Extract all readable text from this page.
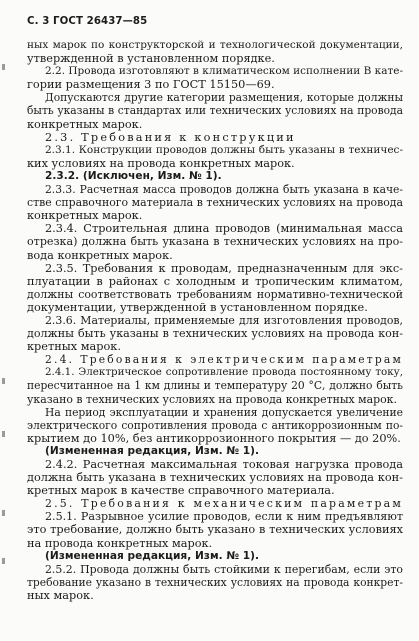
С. 3 ГОСТ 26437—85
ных марок по конструкторской и технологической документации,
утвержденной в установленном порядке.
2.2. Провода изготовляют в климатическом исполнении В кате-
гории размещения 3 по ГОСТ 15150—69.
Допускаются другие категории размещения, которые должны
быть указаны в стандартах или технических условиях на провода
конкретных марок.
2.3. Требования к конструкции
2.3.1. Конструкции проводов должны быть указаны в техничес-
ких условиях на провода конкретных марок.
2.3.2. (Исключен, Изм. № 1).
2.3.3. Расчетная масса проводов должна быть указана в каче-
стве справочного материала в технических условиях на провода
конкретных марок.
2.3.4. Строительная длина проводов (минимальная масса
отрезка) должна быть указана в технических условиях на про-
вода конкретных марок.
2.3.5. Требования к проводам, предназначенным для экс-
плуатации в районах с холодным и тропическим климатом,
должны соответствовать требованиям нормативно-технической
документации, утвержденной в установленном порядке.
2.3.6. Материалы, применяемые для изготовления проводов,
должны быть указаны в технических условиях на провода кон-
кретных марок.
2.4. Требования к электрическим параметрам
2.4.1. Электрическое сопротивление провода постоянному току,
пересчитанное на 1 км длины и температуру 20 °С, должно быть
указано в технических условиях на провода конкретных марок.
На период эксплуатации и хранения допускается увеличение
электрического сопротивления провода с антикоррозионным по-
крытием до 10%, без антикоррозионного покрытия — до 20%.
(Измененная редакция, Изм. № 1).
2.4.2. Расчетная максимальная токовая нагрузка провода
должна быть указана в технических условиях на провода кон-
кретных марок в качестве справочного материала.
2.5. Требования к механическим параметрам
2.5.1. Разрывное усилие проводов, если к ним предъявляют
это требование, должно быть указано в технических условиях
на провода конкретных марок.
(Измененная редакция, Изм. № 1).
2.5.2. Провода должны быть стойкими к перегибам, если это
требование указано в технических условиях на провода конкрет-
ных марок.
